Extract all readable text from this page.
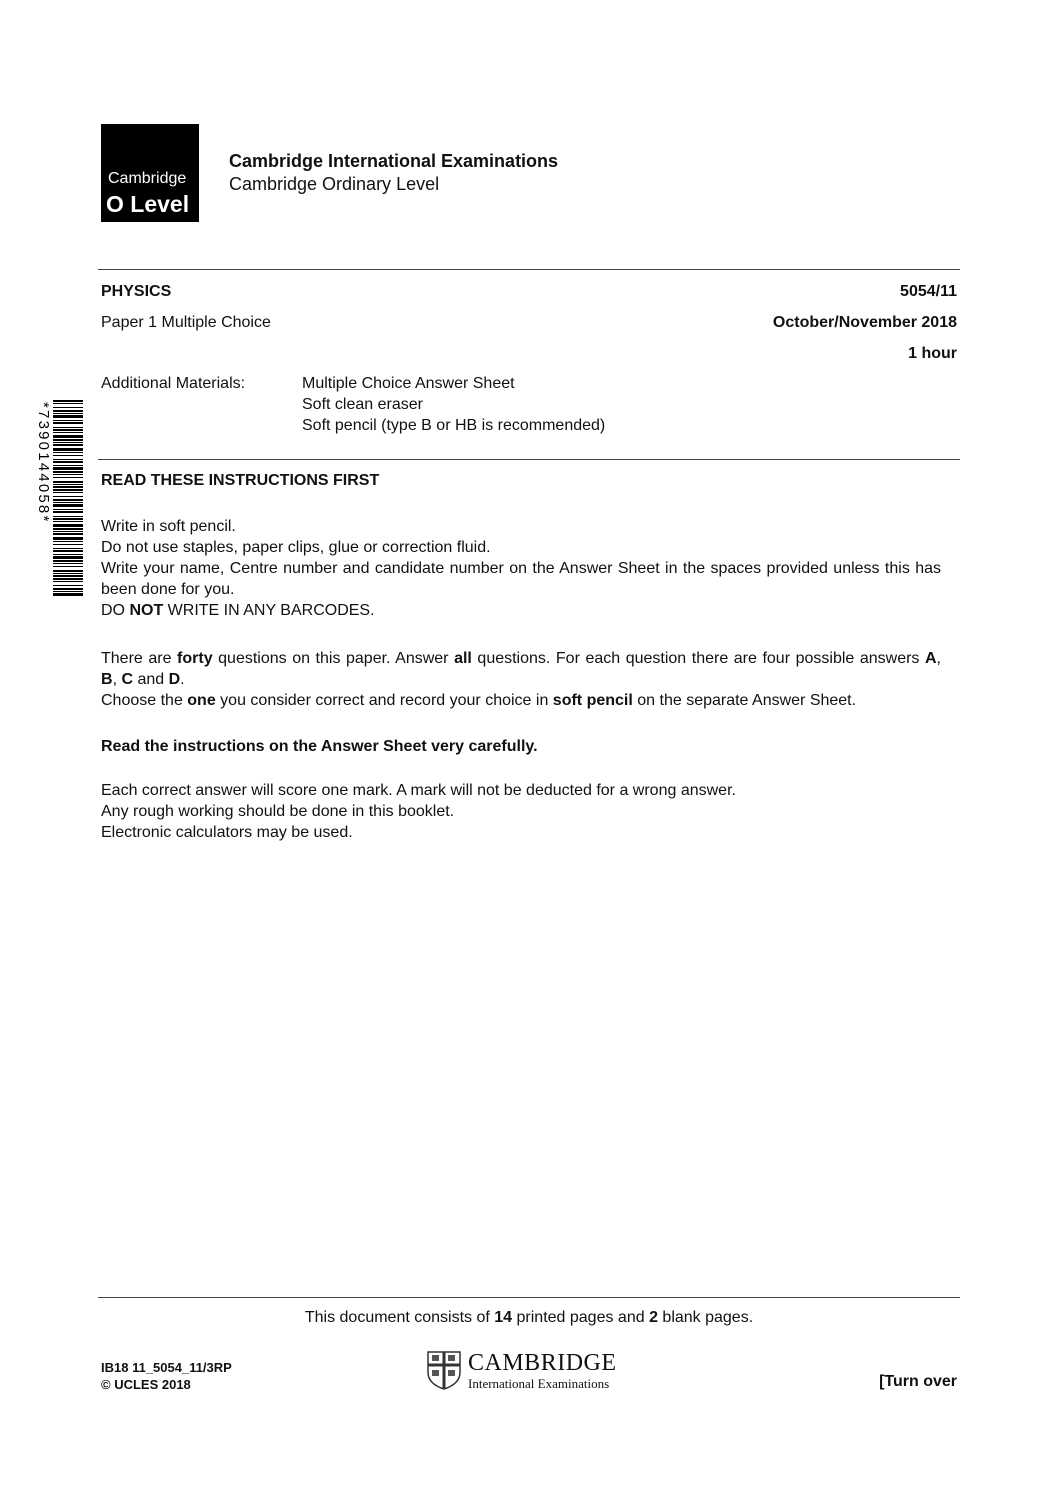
Cambridge
O Level
Cambridge International Examinations
Cambridge Ordinary Level
PHYSICS	5054/11
Paper 1 Multiple Choice	October/November 2018
1 hour
Additional Materials:	Multiple Choice Answer Sheet
Soft clean eraser
Soft pencil (type B or HB is recommended)
*7390144058*	READ THESE INSTRUCTIONS FIRST

Write in soft pencil.

Do not use staples, paper clips, glue or correction fluid.

Write your name, Centre number and candidate number on the Answer Sheet in the spaces provided unless this has been done for you.

DO NOT WRITE IN ANY BARCODES.

There are forty questions on this paper. Answer all questions. For each question there are four possible answers A, B, C and D.

Choose the one you consider correct and record your choice in soft pencil on the separate Answer Sheet.

Read the instructions on the Answer Sheet very carefully.

Each correct answer will score one mark. A mark will not be deducted for a wrong answer.

Any rough working should be done in this booklet.

Electronic calculators may be used.

This document consists of 14 printed pages and 2 blank pages.
IB18 11_5054_11/3RP
© UCLES 2018
CAMBRIDGE
International Examinations	[Turn over
